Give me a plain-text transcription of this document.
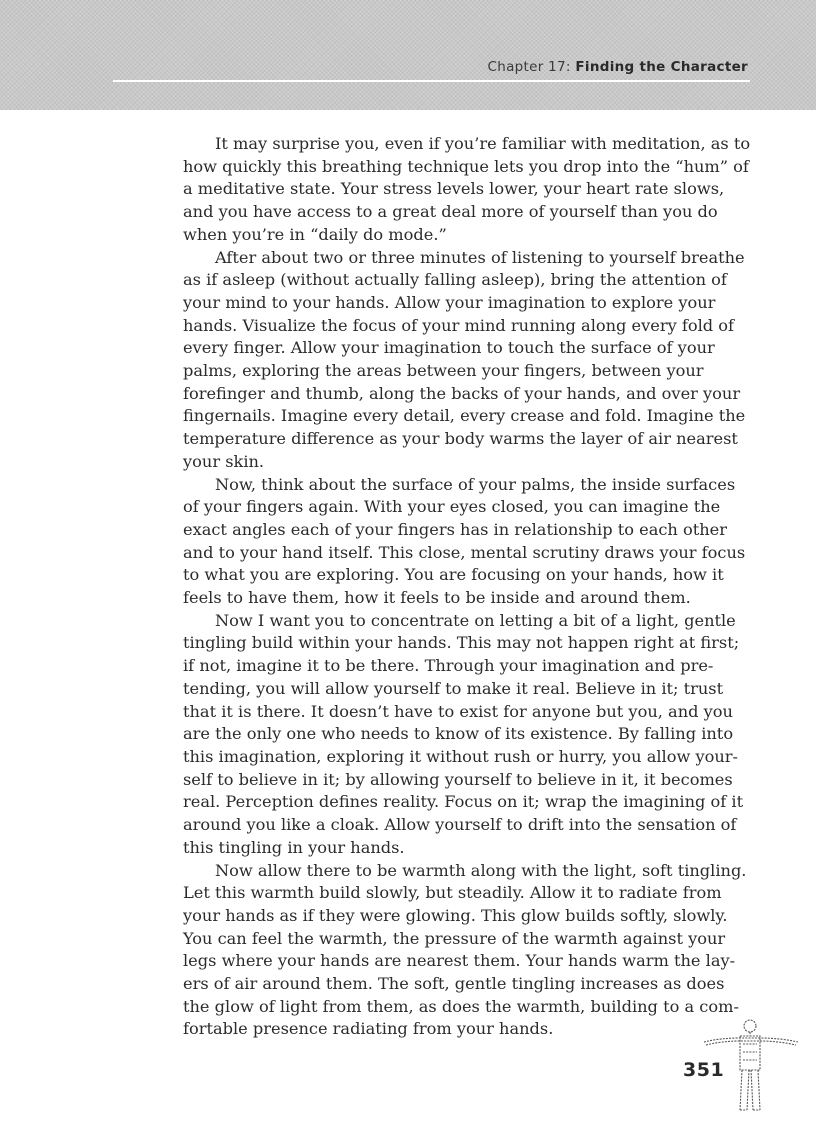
Chapter 17: Finding the Character

It may surprise you, even if you’re familiar with meditation, as to how quickly this breathing technique lets you drop into the “hum” of a meditative state. Your stress levels lower, your heart rate slows, and you have access to a great deal more of yourself than you do when you’re in “daily do mode.”

After about two or three minutes of listening to yourself breathe as if asleep (without actually falling asleep), bring the attention of your mind to your hands. Allow your imagination to explore your hands. Visualize the focus of your mind running along every fold of every finger. Allow your imagination to touch the surface of your palms, exploring the areas between your fingers, between your forefinger and thumb, along the backs of your hands, and over your fingernails. Imagine every detail, every crease and fold. Imagine the temperature difference as your body warms the layer of air nearest your skin.

Now, think about the surface of your palms, the inside surfaces of your fingers again. With your eyes closed, you can imagine the exact angles each of your fingers has in relationship to each other and to your hand itself. This close, mental scrutiny draws your focus to what you are exploring. You are focusing on your hands, how it feels to have them, how it feels to be inside and around them.

Now I want you to concentrate on letting a bit of a light, gentle tingling build within your hands. This may not happen right at first; if not, imagine it to be there. Through your imagination and pretending, you will allow yourself to make it real. Believe in it; trust that it is there. It doesn’t have to exist for anyone but you, and you are the only one who needs to know of its existence. By falling into this imagination, exploring it without rush or hurry, you allow yourself to believe in it; by allowing yourself to believe in it, it becomes real. Perception defines reality. Focus on it; wrap the imagining of it around you like a cloak. Allow yourself to drift into the sensation of this tingling in your hands.

Now allow there to be warmth along with the light, soft tingling. Let this warmth build slowly, but steadily. Allow it to radiate from your hands as if they were glowing. This glow builds softly, slowly. You can feel the warmth, the pressure of the warmth against your legs where your hands are nearest them. Your hands warm the layers of air around them. The soft, gentle tingling increases as does the glow of light from them, as does the warmth, building to a comfortable presence radiating from your hands.

351
